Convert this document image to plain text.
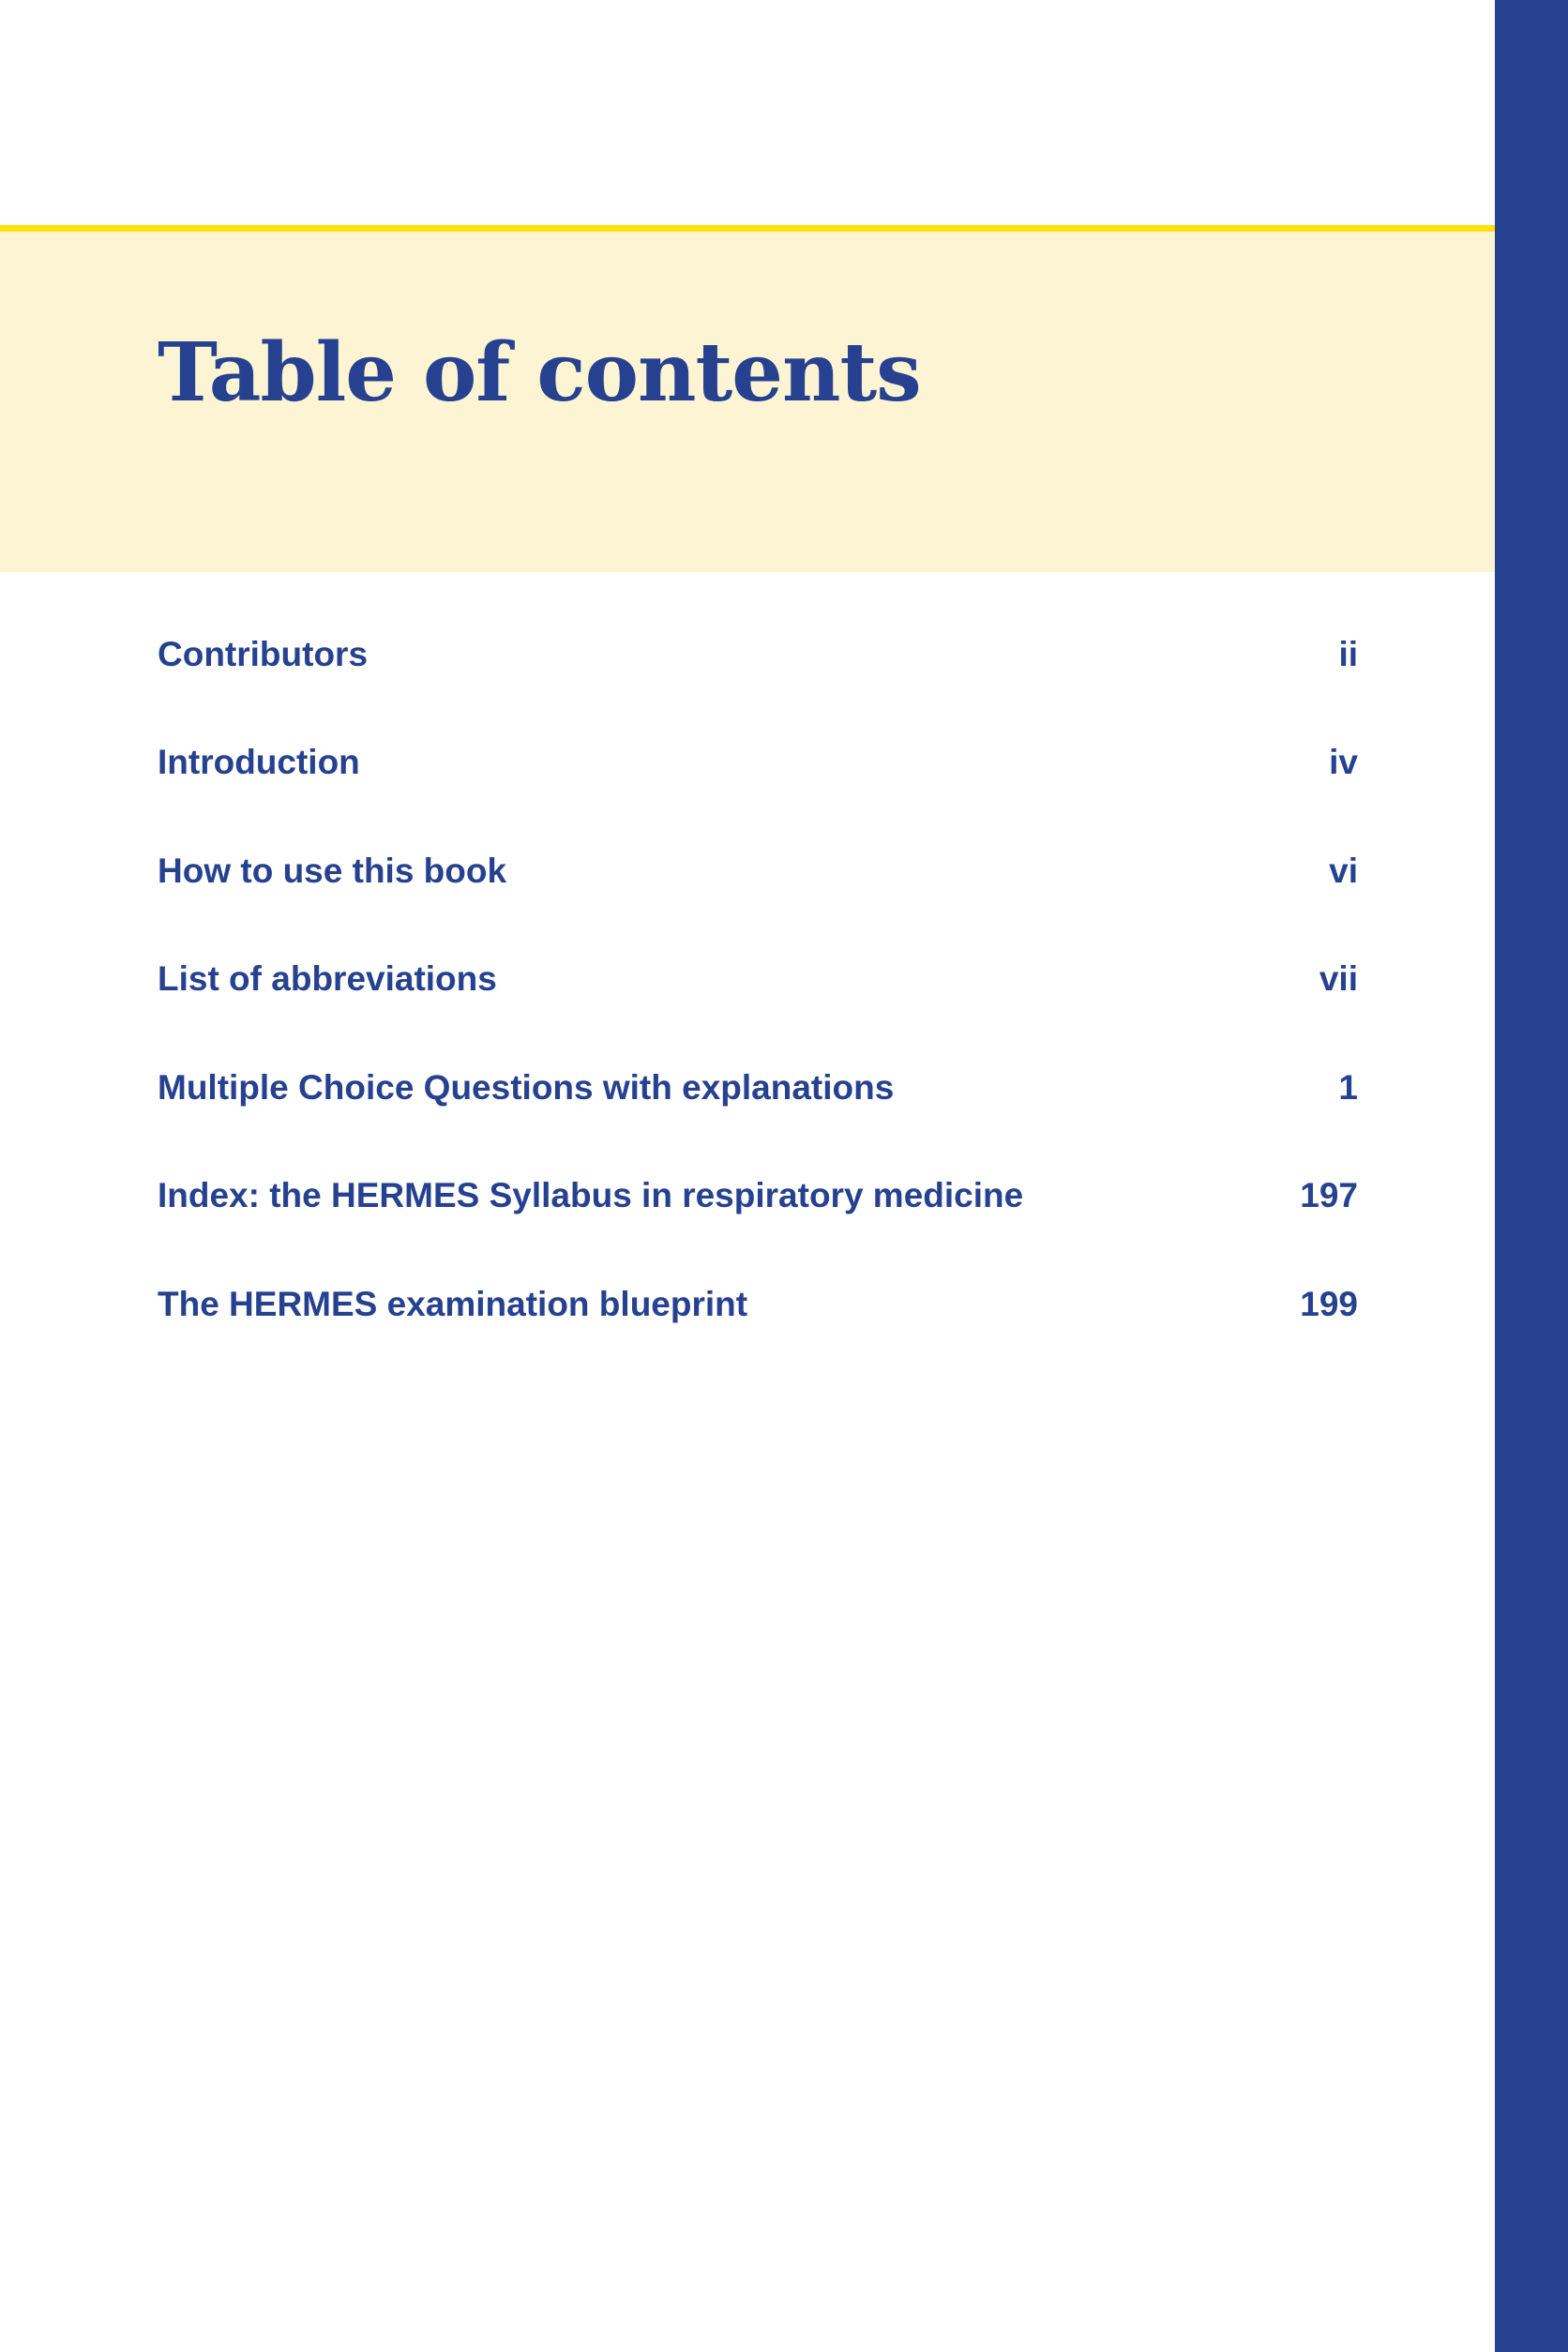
Table of contents
Contributors	ii
Introduction	iv
How to use this book	vi
List of abbreviations	vii
Multiple Choice Questions with explanations	1
Index: the HERMES Syllabus in respiratory medicine	197
The HERMES examination blueprint	199
